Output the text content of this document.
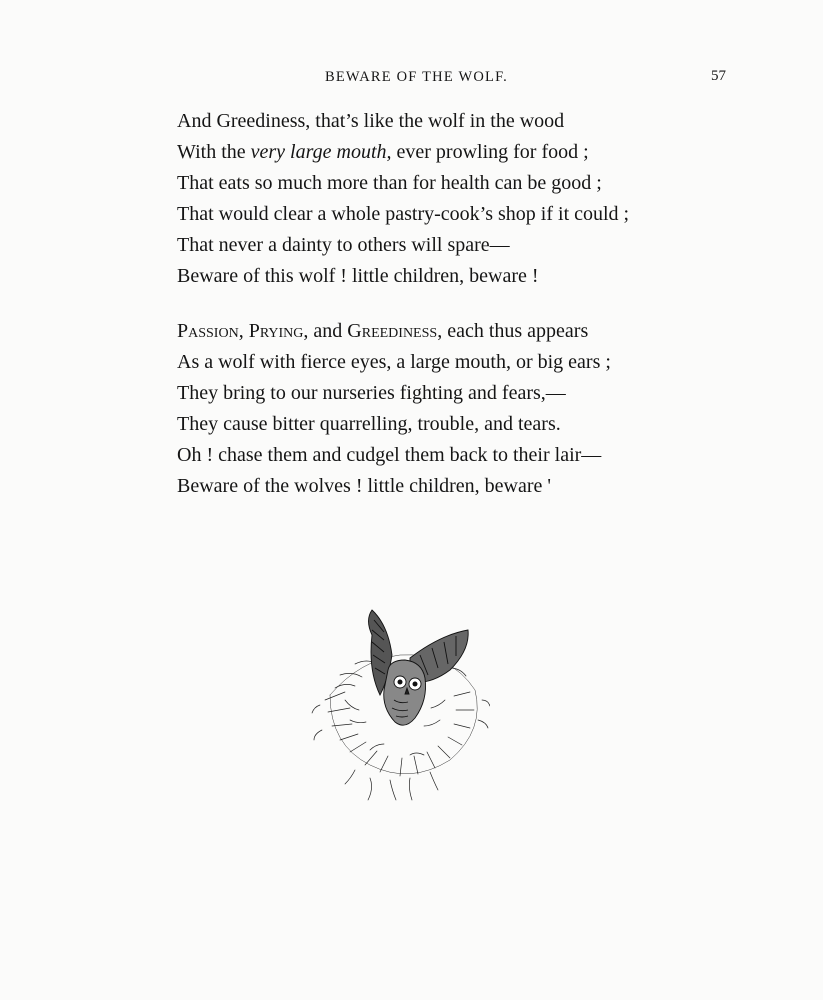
BEWARE OF THE WOLF.	57
And Greediness, that’s like the wolf in the wood
With the very large mouth, ever prowling for food ;
That eats so much more than for health can be good ;
That would clear a whole pastry-cook’s shop if it could ;
That never a dainty to others will spare—
Beware of this wolf ! little children, beware !
Passion, Prying, and Greediness, each thus appears
As a wolf with fierce eyes, a large mouth, or big ears ;
They bring to our nurseries fighting and fears,—
They cause bitter quarrelling, trouble, and tears.
Oh ! chase them and cudgel them back to their lair—
Beware of the wolves ! little children, beware '
